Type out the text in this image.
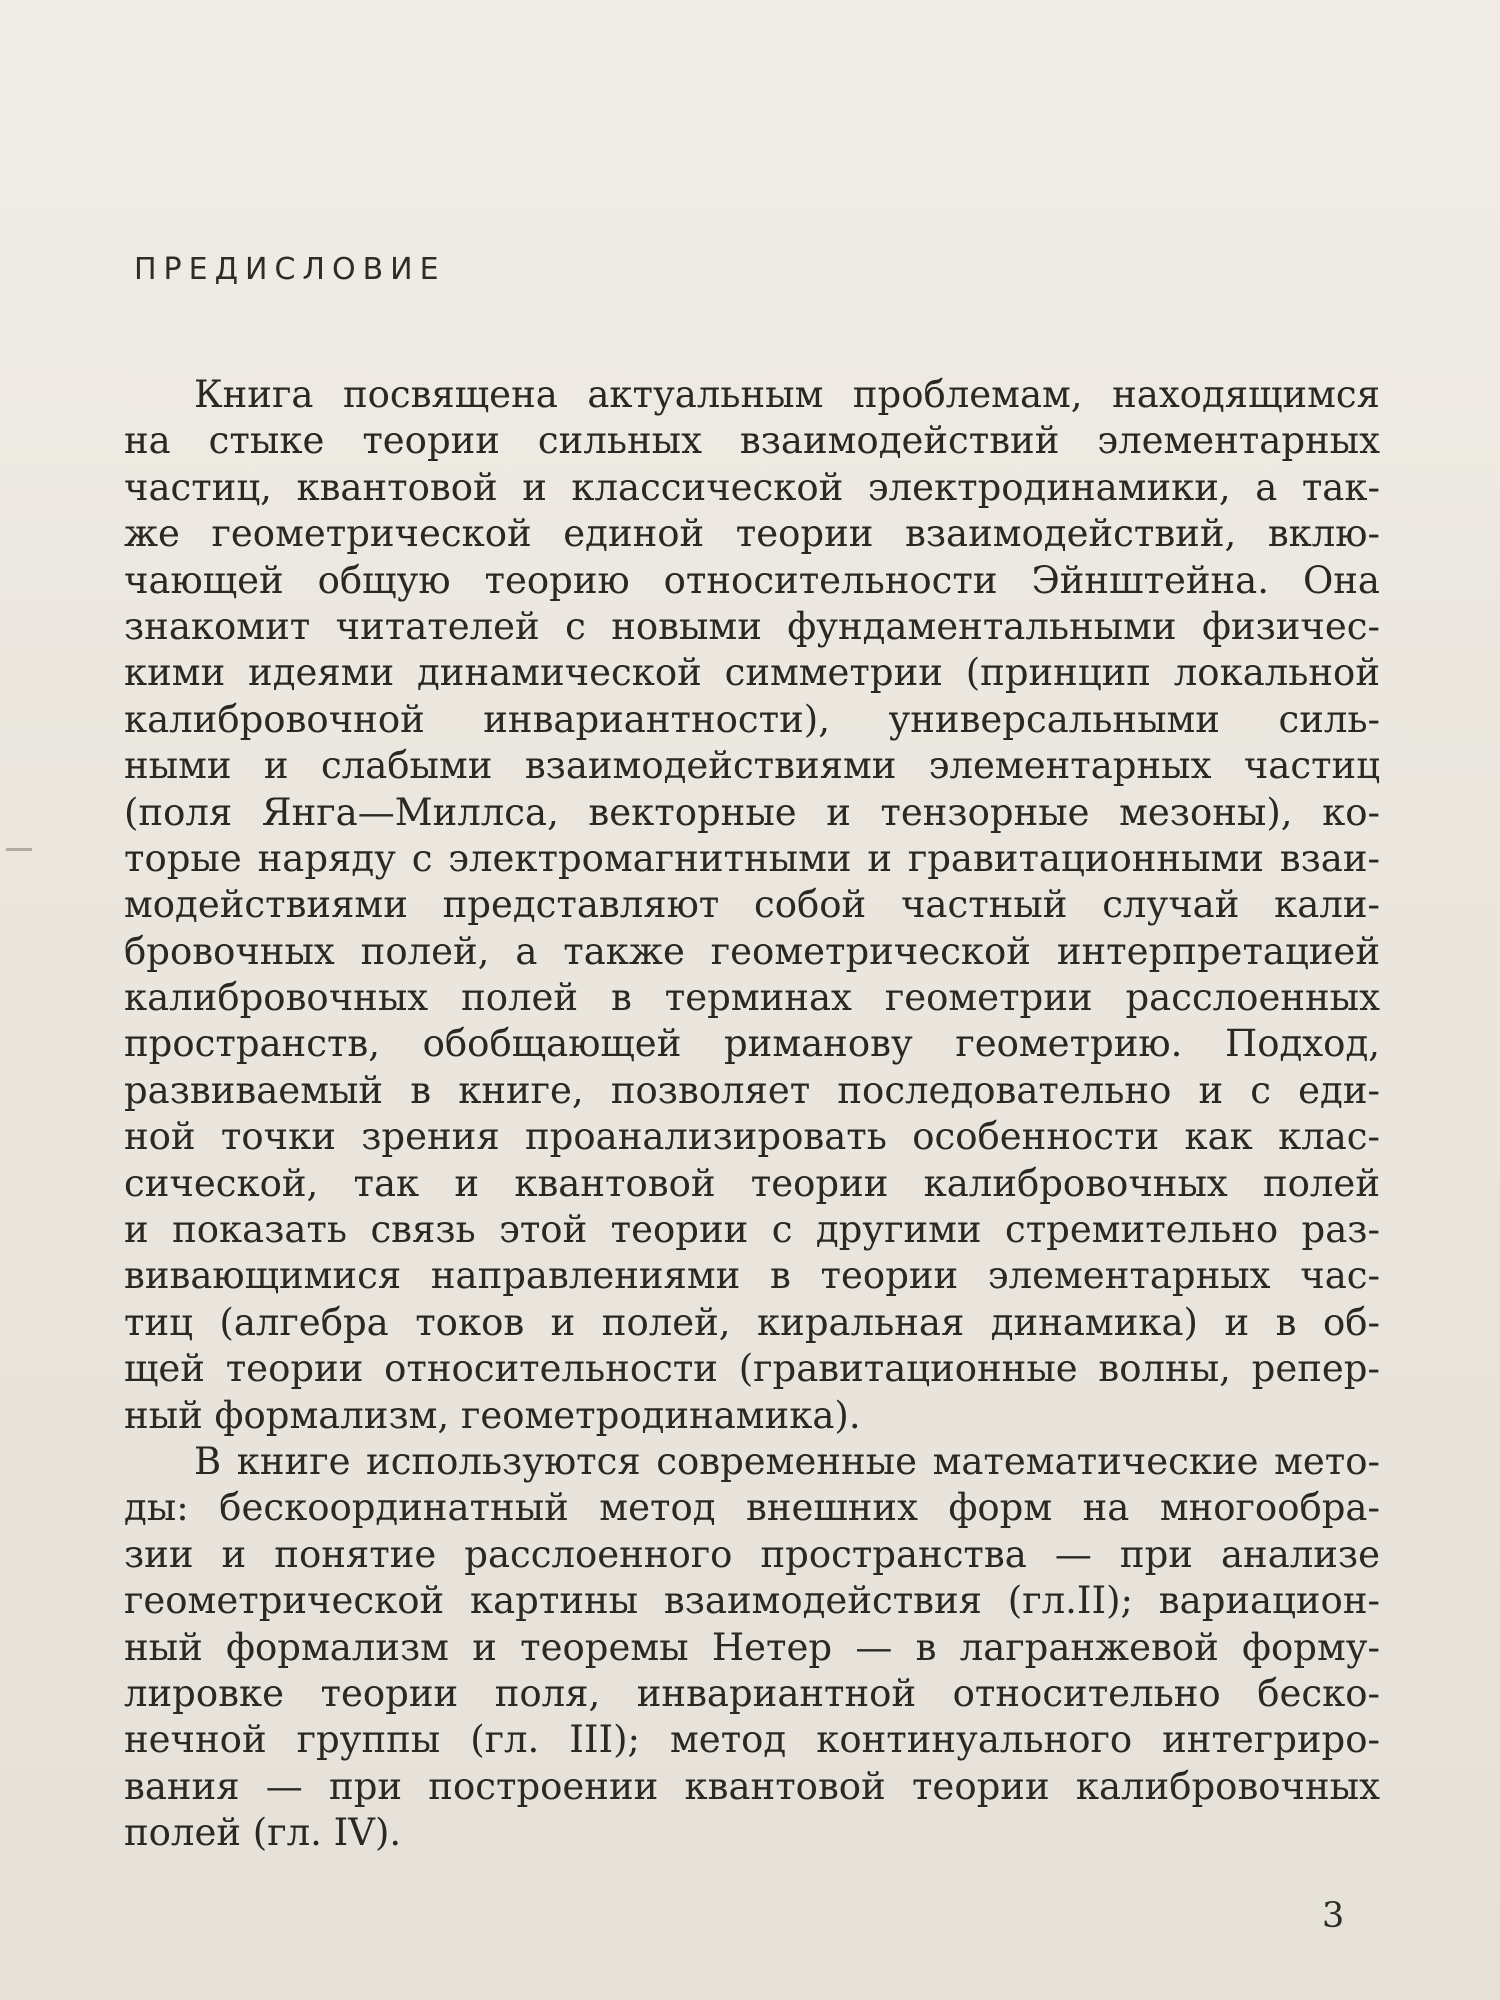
ПРЕДИСЛОВИЕ
Книга посвящена актуальным проблемам, находящимся
на стыке теории сильных взаимодействий элементарных
частиц, квантовой и классической электродинамики, а так-
же геометрической единой теории взаимодействий, вклю-
чающей общую теорию относительности Эйнштейна. Она
знакомит читателей с новыми фундаментальными физичес-
кими идеями динамической симметрии (принцип локальной
калибровочной инвариантности), универсальными силь-
ными и слабыми взаимодействиями элементарных частиц
(поля Янга—Миллса, векторные и тензорные мезоны), ко-
торые наряду с электромагнитными и гравитационными взаи-
модействиями представляют собой частный случай кали-
бровочных полей, а также геометрической интерпретацией
калибровочных полей в терминах геометрии расслоенных
пространств, обобщающей риманову геометрию. Подход,
развиваемый в книге, позволяет последовательно и с еди-
ной точки зрения проанализировать особенности как клас-
сической, так и квантовой теории калибровочных полей
и показать связь этой теории с другими стремительно раз-
вивающимися направлениями в теории элементарных час-
тиц (алгебра токов и полей, киральная динамика) и в об-
щей теории относительности (гравитационные волны, репер-
ный формализм, геометродинамика).
В книге используются современные математические мето-
ды: бескоординатный метод внешних форм на многообра-
зии и понятие расслоенного пространства — при анализе
геометрической картины взаимодействия (гл.II); вариацион-
ный формализм и теоремы Нетер — в лагранжевой форму-
лировке теории поля, инвариантной относительно беско-
нечной группы (гл. III); метод континуального интегриро-
вания — при построении квантовой теории калибровочных
полей (гл. IV).
3
